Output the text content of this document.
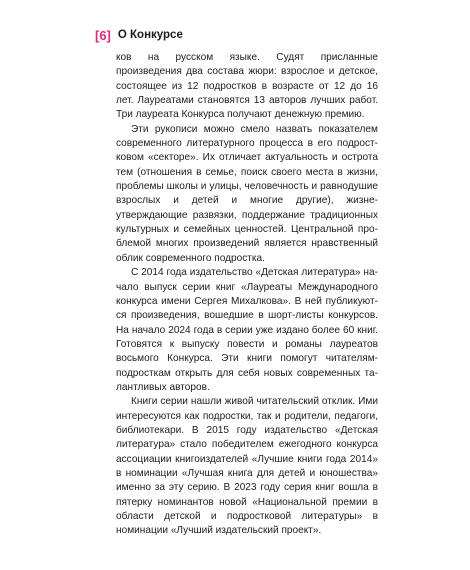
[6] О Конкурсе

ков на русском языке. Судят присланные произведения два состава жюри: взрослое и детское, состоящее из 12 подростков в возрасте от 12 до 16 лет. Лауреатами становятся 13 авторов лучших работ. Три лауреата Конкурса получают денежную премию.

Эти рукописи можно смело назвать показателем современного литературного процесса в его подростковом «секторе». Их отличает актуальность и острота тем (отношения в семье, поиск своего места в жизни, проблемы школы и улицы, человечность и равнодушие взрослых и детей и многие другие), жизнеутверждающие развязки, поддержание традиционных культурных и семейных ценностей. Центральной проблемой многих произведений является нравственный облик современного подростка.

С 2014 года издательство «Детская литература» начало выпуск серии книг «Лауреаты Международного конкурса имени Сергея Михалкова». В ней публикуются произведения, вошедшие в шорт-листы конкурсов. На начало 2024 года в серии уже издано более 60 книг. Готовятся к выпуску повести и романы лауреатов восьмого Конкурса. Эти книги помогут читателям-подросткам открыть для себя новых современных талантливых авторов.

Книги серии нашли живой читательский отклик. Ими интересуются как подростки, так и родители, педагоги, библиотекари. В 2015 году издательство «Детская литература» стало победителем ежегодного конкурса ассоциации книгоиздателей «Лучшие книги года 2014» в номинации «Лучшая книга для детей и юношества» именно за эту серию. В 2023 году серия книг вошла в пятерку номинантов новой «Национальной премии в области детской и подростковой литературы» в номинации «Лучший издательский проект».
